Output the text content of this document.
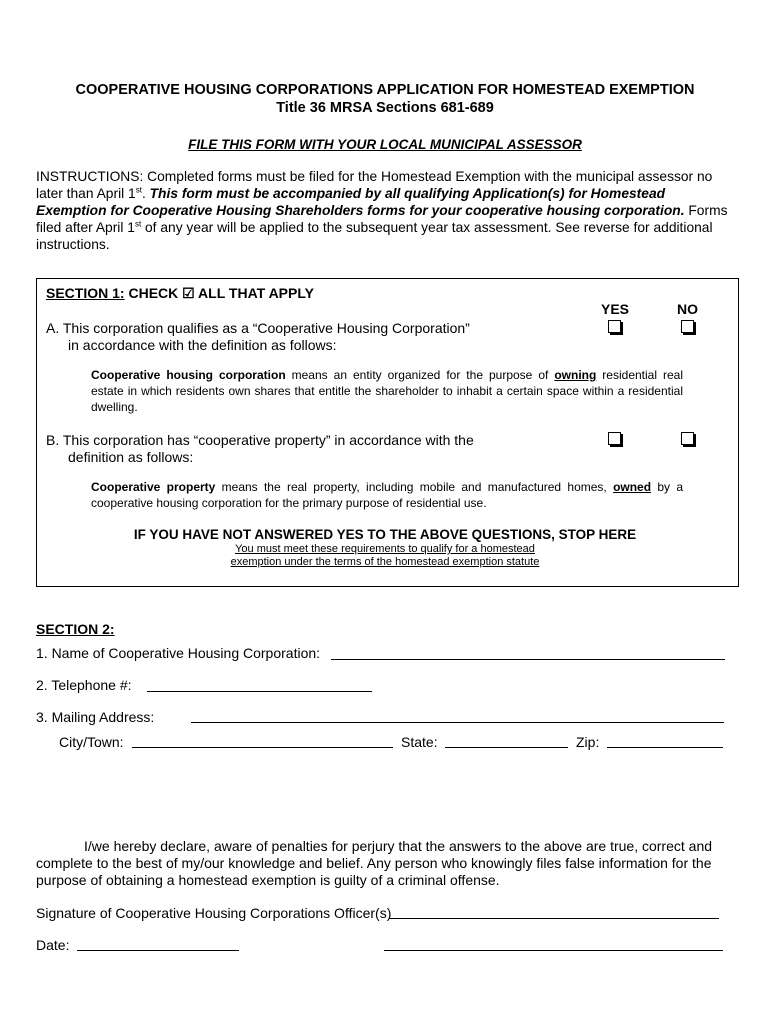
COOPERATIVE HOUSING CORPORATIONS APPLICATION FOR HOMESTEAD EXEMPTION
Title 36 MRSA Sections 681-689
FILE THIS FORM WITH YOUR LOCAL MUNICIPAL ASSESSOR
INSTRUCTIONS: Completed forms must be filed for the Homestead Exemption with the municipal assessor no later than April 1st. This form must be accompanied by all qualifying Application(s) for Homestead Exemption for Cooperative Housing Shareholders forms for your cooperative housing corporation. Forms filed after April 1st of any year will be applied to the subsequent year tax assessment. See reverse for additional instructions.
SECTION 1: CHECK ☑ ALL THAT APPLY
YES	NO
A. This corporation qualifies as a “Cooperative Housing Corporation”
in accordance with the definition as follows:
Cooperative housing corporation means an entity organized for the purpose of owning residential real estate in which residents own shares that entitle the shareholder to inhabit a certain space within a residential dwelling.
B. This corporation has “cooperative property” in accordance with the
definition as follows:
Cooperative property means the real property, including mobile and manufactured homes, owned by a cooperative housing corporation for the primary purpose of residential use.
IF YOU HAVE NOT ANSWERED YES TO THE ABOVE QUESTIONS, STOP HERE
You must meet these requirements to qualify for a homestead
exemption under the terms of the homestead exemption statute
SECTION 2:
1. Name of Cooperative Housing Corporation:
2. Telephone #:
3. Mailing Address:
City/Town:	State:	Zip:
I/we hereby declare, aware of penalties for perjury that the answers to the above are true, correct and complete to the best of my/our knowledge and belief. Any person who knowingly files false information for the purpose of obtaining a homestead exemption is guilty of a criminal offense.
Signature of Cooperative Housing Corporations Officer(s)
Date:
